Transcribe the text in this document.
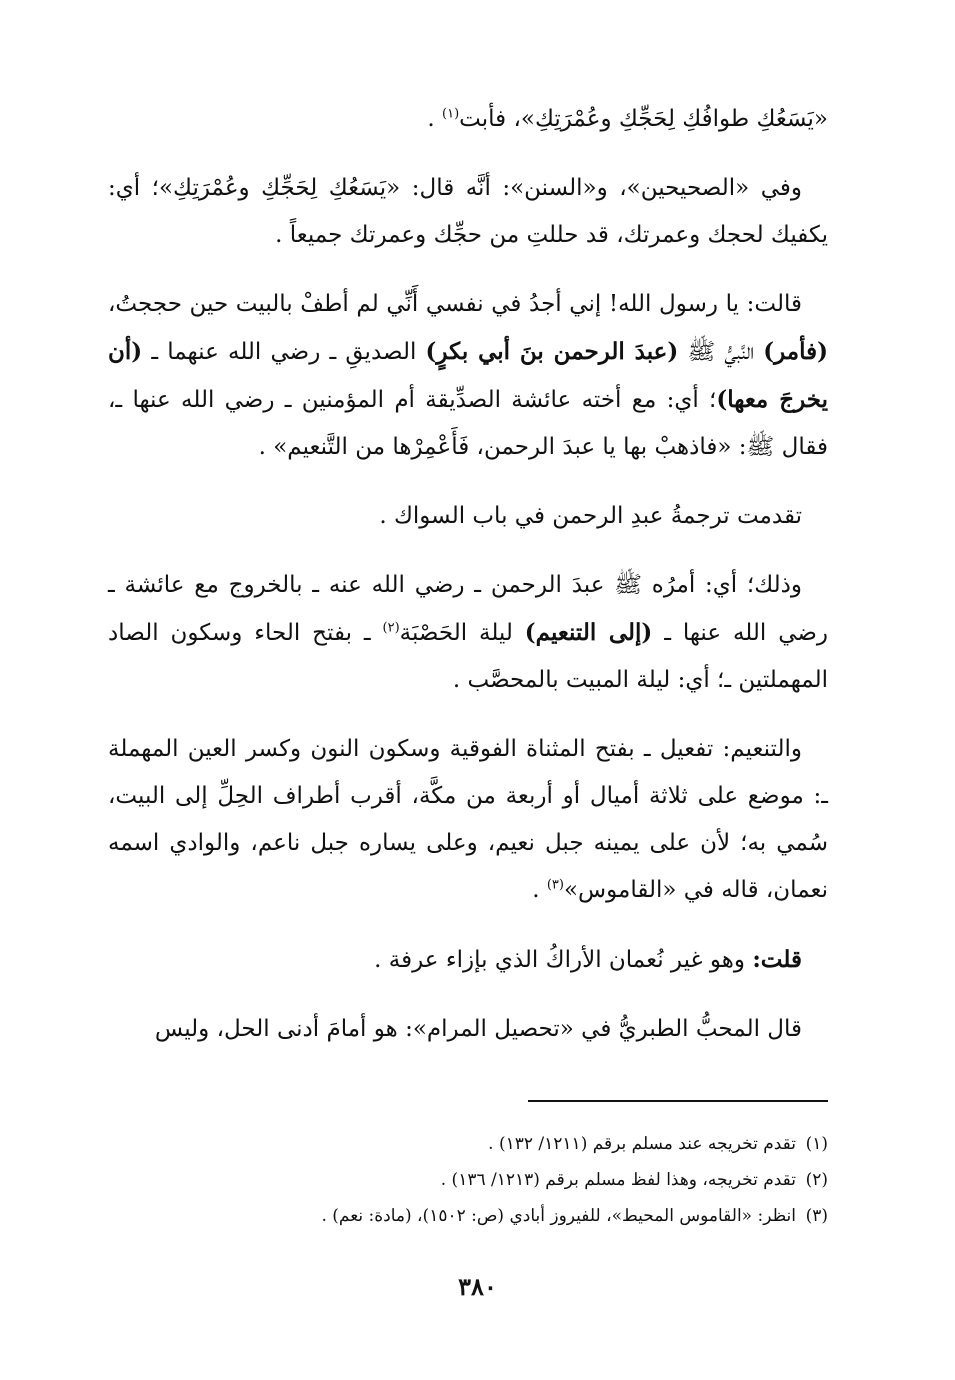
«يَسَعُكِ طوافُكِ لِحَجِّكِ وعُمْرَتِكِ»، فأبت$^{(١)}$ .

وفي «الصحيحين»، و«السنن»: أنَّه قال: «يَسَعُكِ لِحَجِّكِ وعُمْرَتِكِ»؛ أي: يكفيك لحجك وعمرتك، قد حللتِ من حجِّك وعمرتك جميعاً .

قالت: يا رسول الله! إني أجدُ في نفسي أَنِّي لم أطفْ بالبيت حين حججتُ، (فأمر) النَّبيُّ ﷺ (عبدَ الرحمن بنَ أبي بكرٍ) الصديقِ ـ رضي الله عنهما ـ (أن يخرجَ معها)؛ أي: مع أخته عائشة الصدِّيقة أم المؤمنين ـ رضي الله عنها ـ، فقال ﷺ: «فاذهبْ بها يا عبدَ الرحمن، فَأَعْمِرْها من التَّنعيم» .

تقدمت ترجمةُ عبدِ الرحمن في باب السواك .

وذلك؛ أي: أمرُه ﷺ عبدَ الرحمن ـ رضي الله عنه ـ بالخروج مع عائشة ـ رضي الله عنها ـ (إلى التنعيم) ليلة الحَصْبَة$^{(٢)}$ ـ بفتح الحاء وسكون الصاد المهملتين ـ؛ أي: ليلة المبيت بالمحصَّب .

والتنعيم: تفعيل ـ بفتح المثناة الفوقية وسكون النون وكسر العين المهملة ـ: موضع على ثلاثة أميال أو أربعة من مكَّة، أقرب أطراف الحِلِّ إلى البيت، سُمي به؛ لأن على يمينه جبل نعيم، وعلى يساره جبل ناعم، والوادي اسمه نعمان، قاله في «القاموس»$^{(٣)}$ .

قلت: وهو غير نُعمان الأراكُ الذي بإزاء عرفة .

قال المحبُّ الطبريُّ في «تحصيل المرام»: هو أمامَ أدنى الحل، وليس

(١)تقدم تخريجه عند مسلم برقم (١٢١١/ ١٣٢) .

(٢)تقدم تخريجه، وهذا لفظ مسلم برقم (١٢١٣/ ١٣٦) .

(٣)انظر: «القاموس المحيط»، للفيروز أبادي (ص: ١٥٠٢)، (مادة: نعم) .

٣٨٠
